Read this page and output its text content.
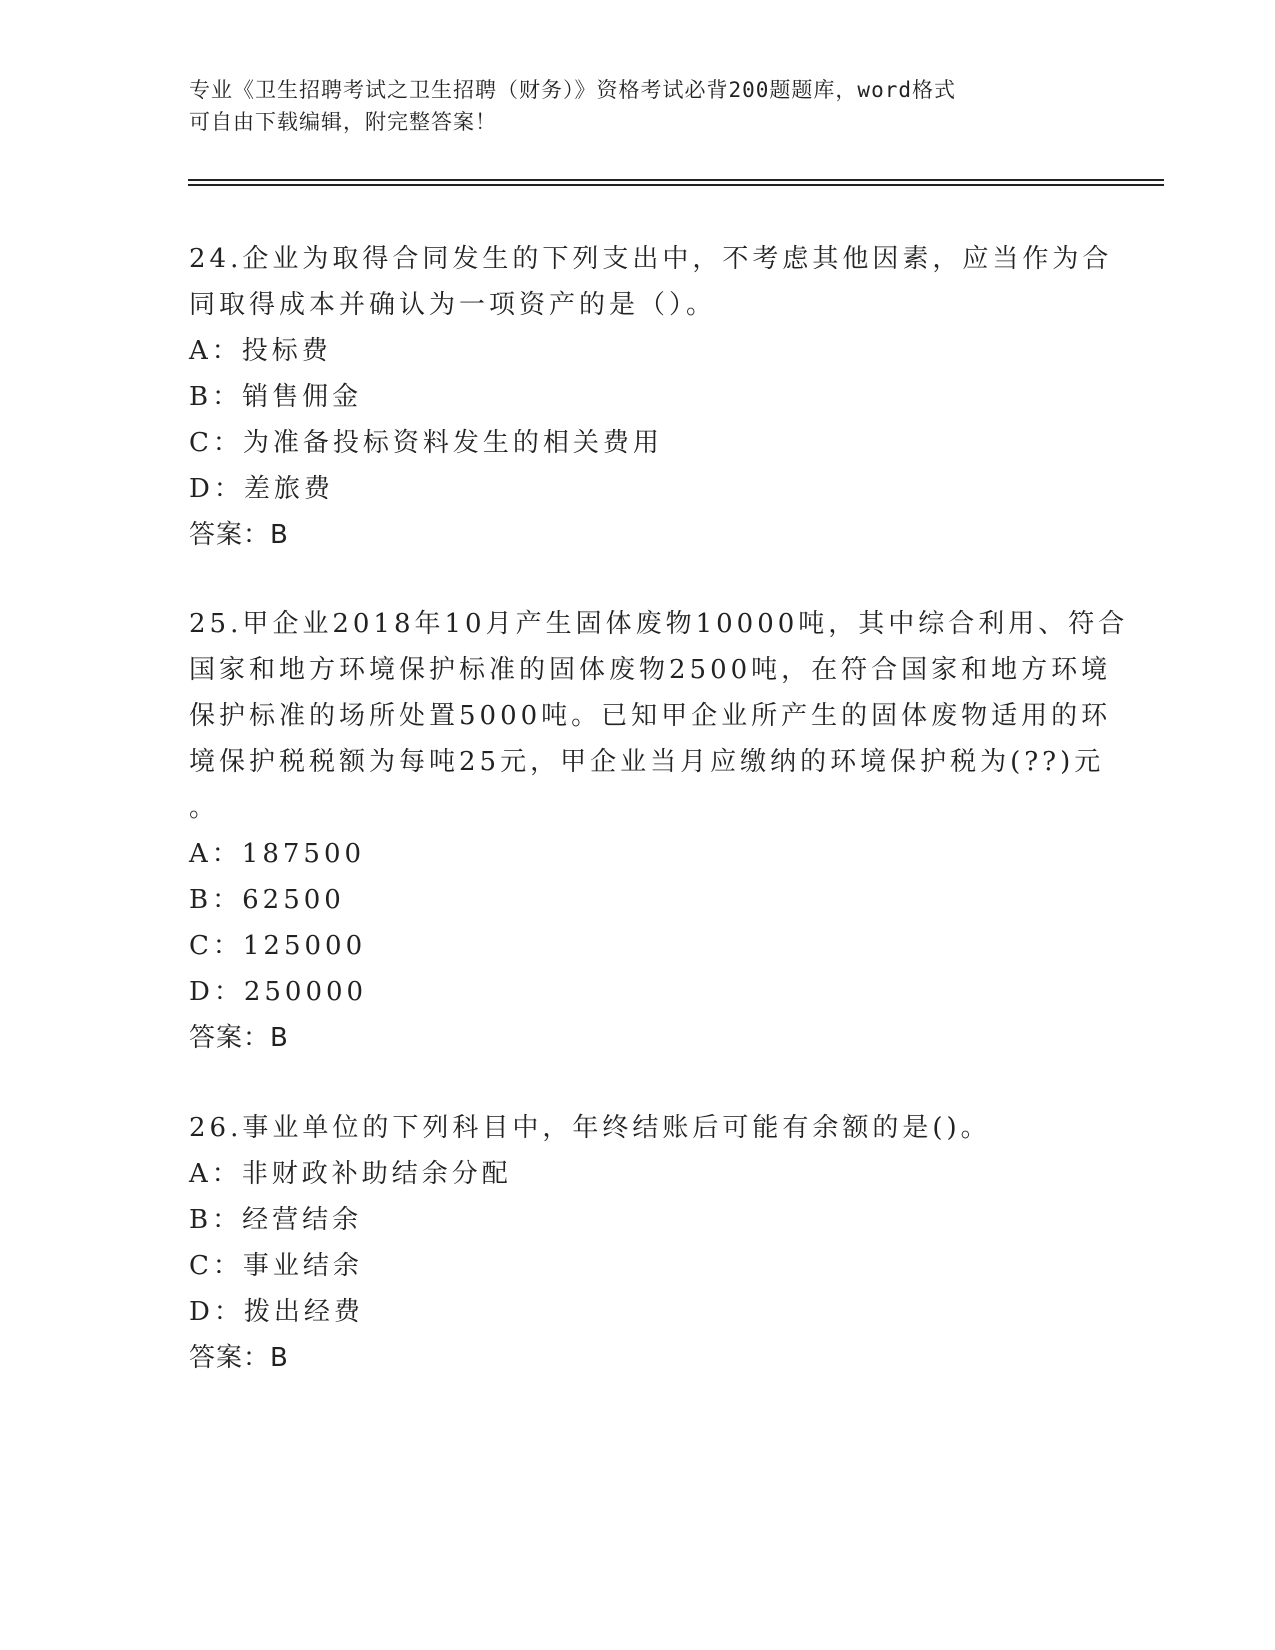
专业《卫生招聘考试之卫生招聘（财务）》资格考试必背200题题库，word格式
可自由下载编辑，附完整答案！
24.企业为取得合同发生的下列支出中，不考虑其他因素，应当作为合
同取得成本并确认为一项资产的是（）。
A：投标费
B：销售佣金
C：为准备投标资料发生的相关费用
D：差旅费
答案：B
25.甲企业2018年10月产生固体废物10000吨，其中综合利用、符合
国家和地方环境保护标准的固体废物2500吨，在符合国家和地方环境
保护标准的场所处置5000吨。已知甲企业所产生的固体废物适用的环
境保护税税额为每吨25元，甲企业当月应缴纳的环境保护税为(??)元
。
A：187500
B：62500
C：125000
D：250000
答案：B
26.事业单位的下列科目中，年终结账后可能有余额的是()。
A：非财政补助结余分配
B：经营结余
C：事业结余
D：拨出经费
答案：B
